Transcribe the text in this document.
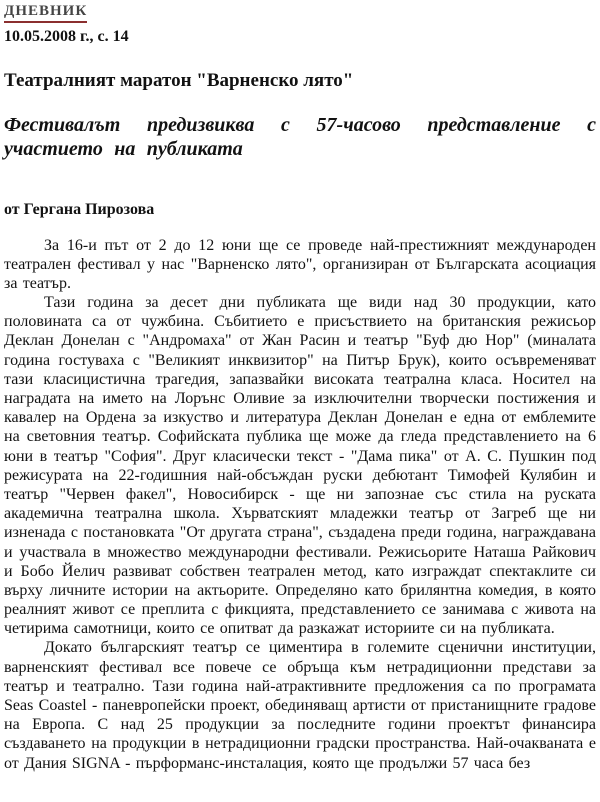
ДНЕВНИК
10.05.2008 г., с. 14
Театралният маратон "Варненско лято"
Фестивалът предизвиква с 57-часово представление с участието на публиката
от Гергана Пирозова

За 16-и път от 2 до 12 юни ще се проведе най-престижният международен театрален фестивал у нас "Варненско лято", организиран от Българската асоциация за театър.

Тази година за десет дни публиката ще види над 30 продукции, като половината са от чужбина. Събитието е присъствието на британския режисьор Деклан Донелан с "Андромаха" от Жан Расин и театър "Буф дю Нор" (миналата година гостуваха с "Великият инквизитор" на Питър Брук), които осъвременяват тази класицистична трагедия, запазвайки високата театрална класа. Носител на наградата на името на Лорънс Оливие за изключителни творчески постижения и кавалер на Ордена за изкуство и литература Деклан Донелан е една от емблемите на световния театър. Софийската публика ще може да гледа представлението на 6 юни в театър "София". Друг класически текст - "Дама пика" от А. С. Пушкин под режисурата на 22-годишния най-обсъждан руски дебютант Тимофей Кулябин и театър "Червен факел", Новосибирск - ще ни запознае със стила на руската академична театрална школа. Хърватският младежки театър от Загреб ще ни изненада с постановката "От другата страна", създадена преди година, награждавана и участвала в множество международни фестивали. Режисьорите Наташа Райкович и Бобо Йелич развиват собствен театрален метод, като изграждат спектаклите си върху личните истории на актьорите. Определяно като брилянтна комедия, в която реалният живот се преплита с фикцията, представлението се занимава с живота на четирима самотници, които се опитват да разкажат историите си на публиката.

Докато българският театър се циментира в големите сценични институции, варненският фестивал все повече се обръща към нетрадиционни представи за театър и театрално. Тази година най-атрактивните предложения са по програмата Seas Coastel - паневропейски проект, обединяващ артисти от пристанищните градове на Европа. С над 25 продукции за последните години проектът финансира създаването на продукции в нетрадиционни градски пространства. Най-очакваната е от Дания SIGNA - пърформанс-инсталация, която ще продължи 57 часа без
